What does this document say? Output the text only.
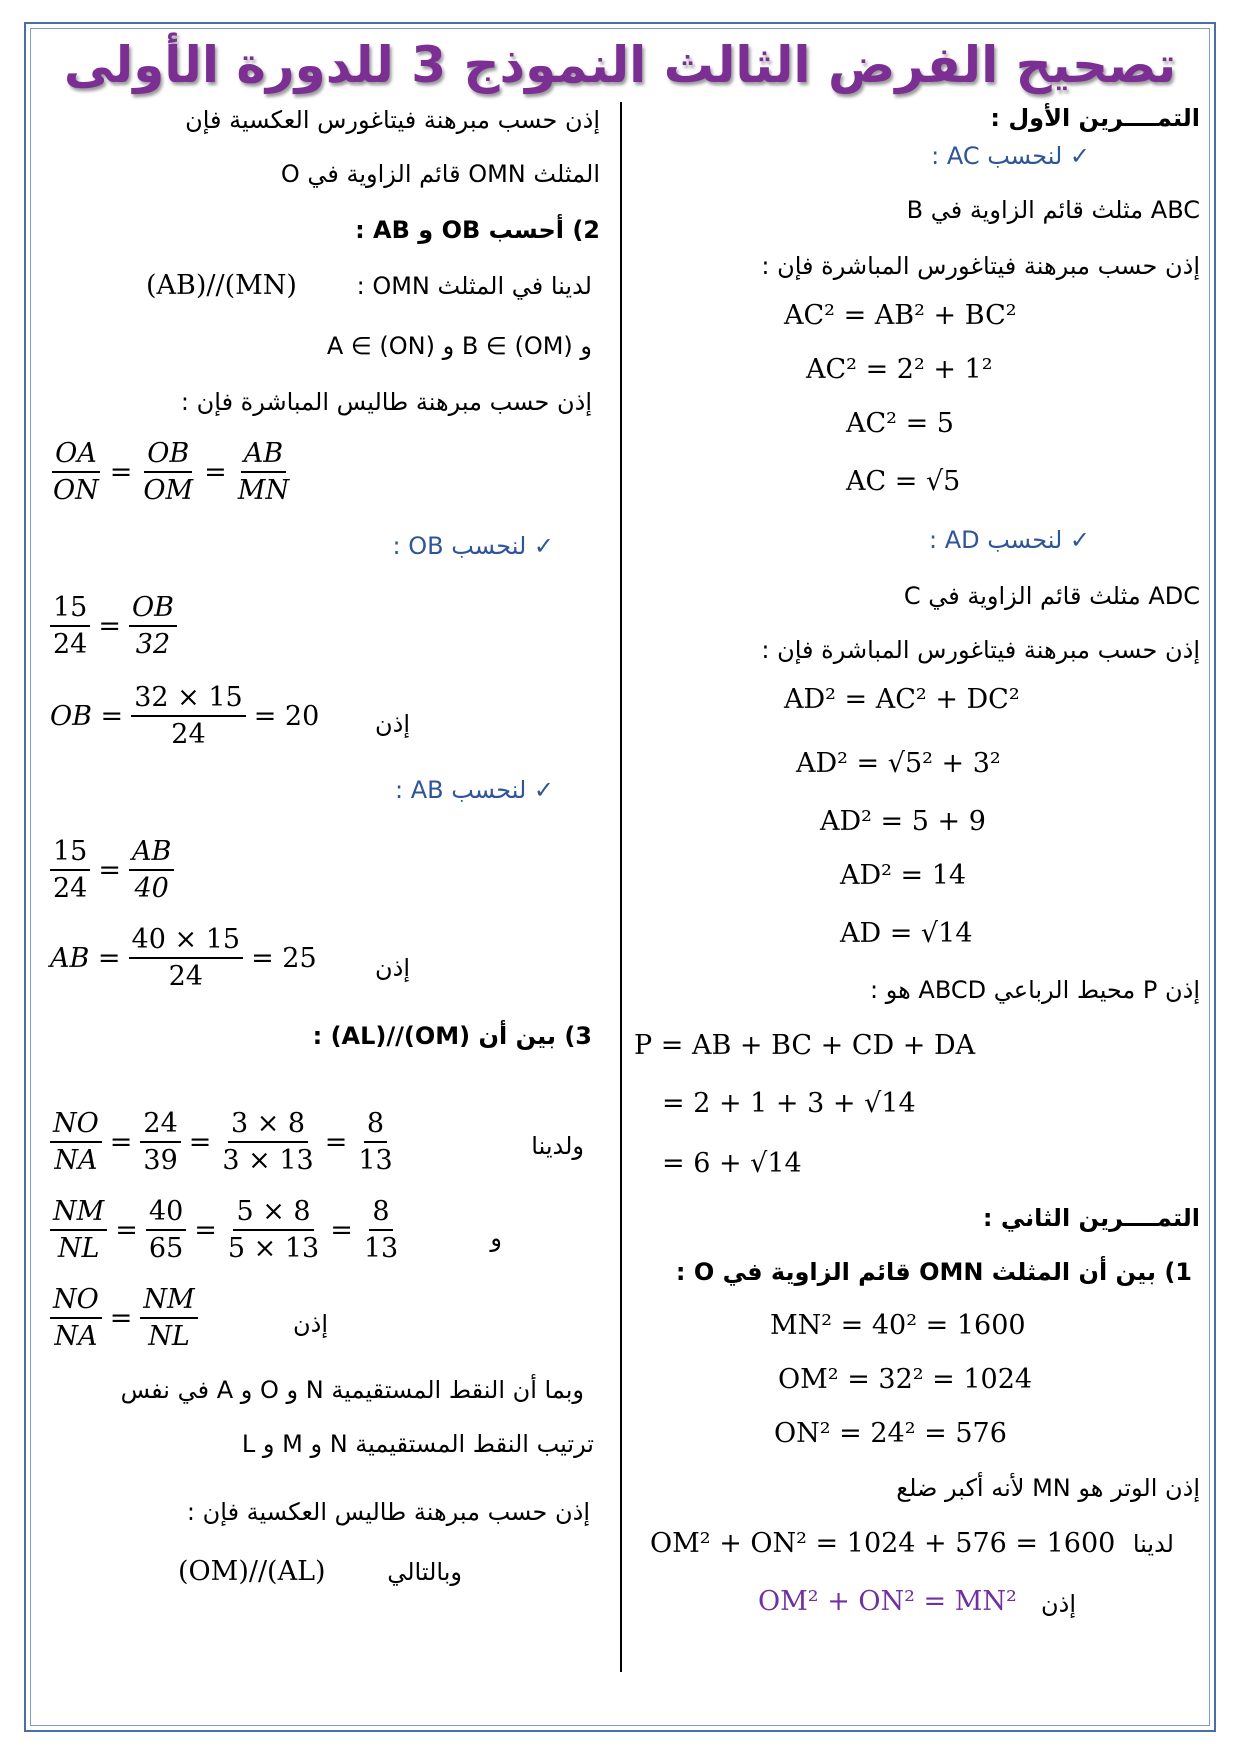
تصحيح الفرض الثالث النموذج 3 للدورة الأولى
التمــــرين الأول :
✓ لنحسب AC :
ABC مثلث قائم الزاوية في B
إذن حسب مبرهنة فيتاغورس المباشرة فإن :
AC² = AB² + BC²
AC² = 2² + 1²
AC² = 5
AC = √5
✓ لنحسب AD :
ADC مثلث قائم الزاوية في C
إذن حسب مبرهنة فيتاغورس المباشرة فإن :
AD² = AC² + DC²
AD² = √5² + 3²
AD² = 5 + 9
AD² = 14
AD = √14
إذن P محيط الرباعي ABCD هو :
P = AB + BC + CD + DA
= 2 + 1 + 3 + √14
= 6 + √14
التمــــرين الثاني :
1) بين أن المثلث OMN قائم الزاوية في O :
MN² = 40² = 1600
OM² = 32² = 1024
ON² = 24² = 576
إذن الوتر هو MN لأنه أكبر ضلع
لدينا
OM² + ON² = 1024 + 576 = 1600
إذن
OM² + ON² = MN²
إذن حسب مبرهنة فيتاغورس العكسية فإن
المثلث OMN قائم الزاوية في O
2) أحسب OB و AB :
لدينا في المثلث OMN :
(AB)//(MN)
و B ∈ (OM) و A ∈ (ON)
إذن حسب مبرهنة طاليس المباشرة فإن :
$\frac{OA}{ON} = \frac{OB}{OM} = \frac{AB}{MN}$
✓ لنحسب OB :
$\frac{15}{24} = \frac{OB}{32}$
OB = $\frac{32 \times 15}{24} = 20$ إذن
✓ لنحسب AB :
$\frac{15}{24} = \frac{AB}{40}$
AB = $\frac{40 \times 15}{24} = 25$ إذن
3) بين أن (OM)//(AL) :
$\frac{NO}{NA} = \frac{24}{39} = \frac{3 \times 8}{3 \times 13} = \frac{8}{13}$	ولدينا
$\frac{NM}{NL} = \frac{40}{65} = \frac{5 \times 8}{5 \times 13} = \frac{8}{13}$	و
$\frac{NO}{NA} = \frac{NM}{NL}$	إذن
وبما أن النقط المستقيمية N و O و A في نفس
ترتيب النقط المستقيمية N و M و L
إذن حسب مبرهنة طاليس العكسية فإن :
وبالتالي
(OM)//(AL)
